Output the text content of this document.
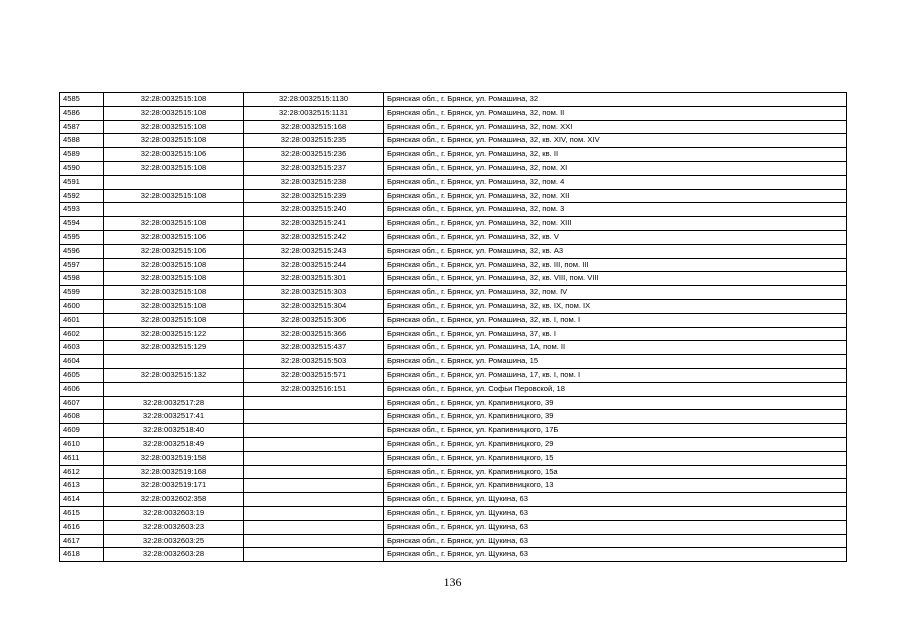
4585	32:28:0032515:108	32:28:0032515:1130	Брянская обл., г. Брянск, ул. Ромашина, 32
4586	32:28:0032515:108	32:28:0032515:1131	Брянская обл., г. Брянск, ул. Ромашина, 32, пом. II
4587	32:28:0032515:108	32:28:0032515:168	Брянская обл., г. Брянск, ул. Ромашина, 32, пом. XXI
4588	32:28:0032515:108	32:28:0032515:235	Брянская обл., г. Брянск, ул. Ромашина, 32, кв. XIV, пом. XIV
4589	32:28:0032515:106	32:28:0032515:236	Брянская обл., г. Брянск, ул. Ромашина, 32, кв. II
4590	32:28:0032515:108	32:28:0032515:237	Брянская обл., г. Брянск, ул. Ромашина, 32, пом. XI
4591		32:28:0032515:238	Брянская обл., г. Брянск, ул. Ромашина, 32, пом. 4
4592	32:28:0032515:108	32:28:0032515:239	Брянская обл., г. Брянск, ул. Ромашина, 32, пом. XII
4593		32:28:0032515:240	Брянская обл., г. Брянск, ул. Ромашина, 32, пом. 3
4594	32:28:0032515:108	32:28:0032515:241	Брянская обл., г. Брянск, ул. Ромашина, 32, пом. XIII
4595	32:28:0032515:106	32:28:0032515:242	Брянская обл., г. Брянск, ул. Ромашина, 32, кв. V
4596	32:28:0032515:106	32:28:0032515:243	Брянская обл., г. Брянск, ул. Ромашина, 32, кв. А3
4597	32:28:0032515:108	32:28:0032515:244	Брянская обл., г. Брянск, ул. Ромашина, 32, кв. III, пом. III
4598	32:28:0032515:108	32:28:0032515:301	Брянская обл., г. Брянск, ул. Ромашина, 32, кв. VIII, пом. VIII
4599	32:28:0032515:108	32:28:0032515:303	Брянская обл., г. Брянск, ул. Ромашина, 32, пом. IV
4600	32:28:0032515:108	32:28:0032515:304	Брянская обл., г. Брянск, ул. Ромашина, 32, кв. IX, пом. IX
4601	32:28:0032515:108	32:28:0032515:306	Брянская обл., г. Брянск, ул. Ромашина, 32, кв. I, пом. I
4602	32:28:0032515:122	32:28:0032515:366	Брянская обл., г. Брянск, ул. Ромашина, 37, кв. I
4603	32:28:0032515:129	32:28:0032515:437	Брянская обл., г. Брянск, ул. Ромашина, 1А, пом. II
4604		32:28:0032515:503	Брянская обл., г. Брянск, ул. Ромашина, 15
4605	32:28:0032515:132	32:28:0032515:571	Брянская обл., г. Брянск, ул. Ромашина, 17, кв. I, пом. I
4606		32:28:0032516:151	Брянская обл., г. Брянск, ул. Софьи Перовской, 18
4607	32:28:0032517:28		Брянская обл., г. Брянск, ул. Крапивницкого, 39
4608	32:28:0032517:41		Брянская обл., г. Брянск, ул. Крапивницкого, 39
4609	32:28:0032518:40		Брянская обл., г. Брянск, ул. Крапивницкого, 17Б
4610	32:28:0032518:49		Брянская обл., г. Брянск, ул. Крапивницкого, 29
4611	32:28:0032519:158		Брянская обл., г. Брянск, ул. Крапивницкого, 15
4612	32:28:0032519:168		Брянская обл., г. Брянск, ул. Крапивницкого, 15а
4613	32:28:0032519:171		Брянская обл., г. Брянск, ул. Крапивницкого, 13
4614	32:28:0032602:358		Брянская обл., г. Брянск, ул. Щукина, 63
4615	32:28:0032603:19		Брянская обл., г. Брянск, ул. Щукина, 63
4616	32:28:0032603:23		Брянская обл., г. Брянск, ул. Щукина, 63
4617	32:28:0032603:25		Брянская обл., г. Брянск, ул. Щукина, 63
4618	32:28:0032603:28		Брянская обл., г. Брянск, ул. Щукина, 63
136
